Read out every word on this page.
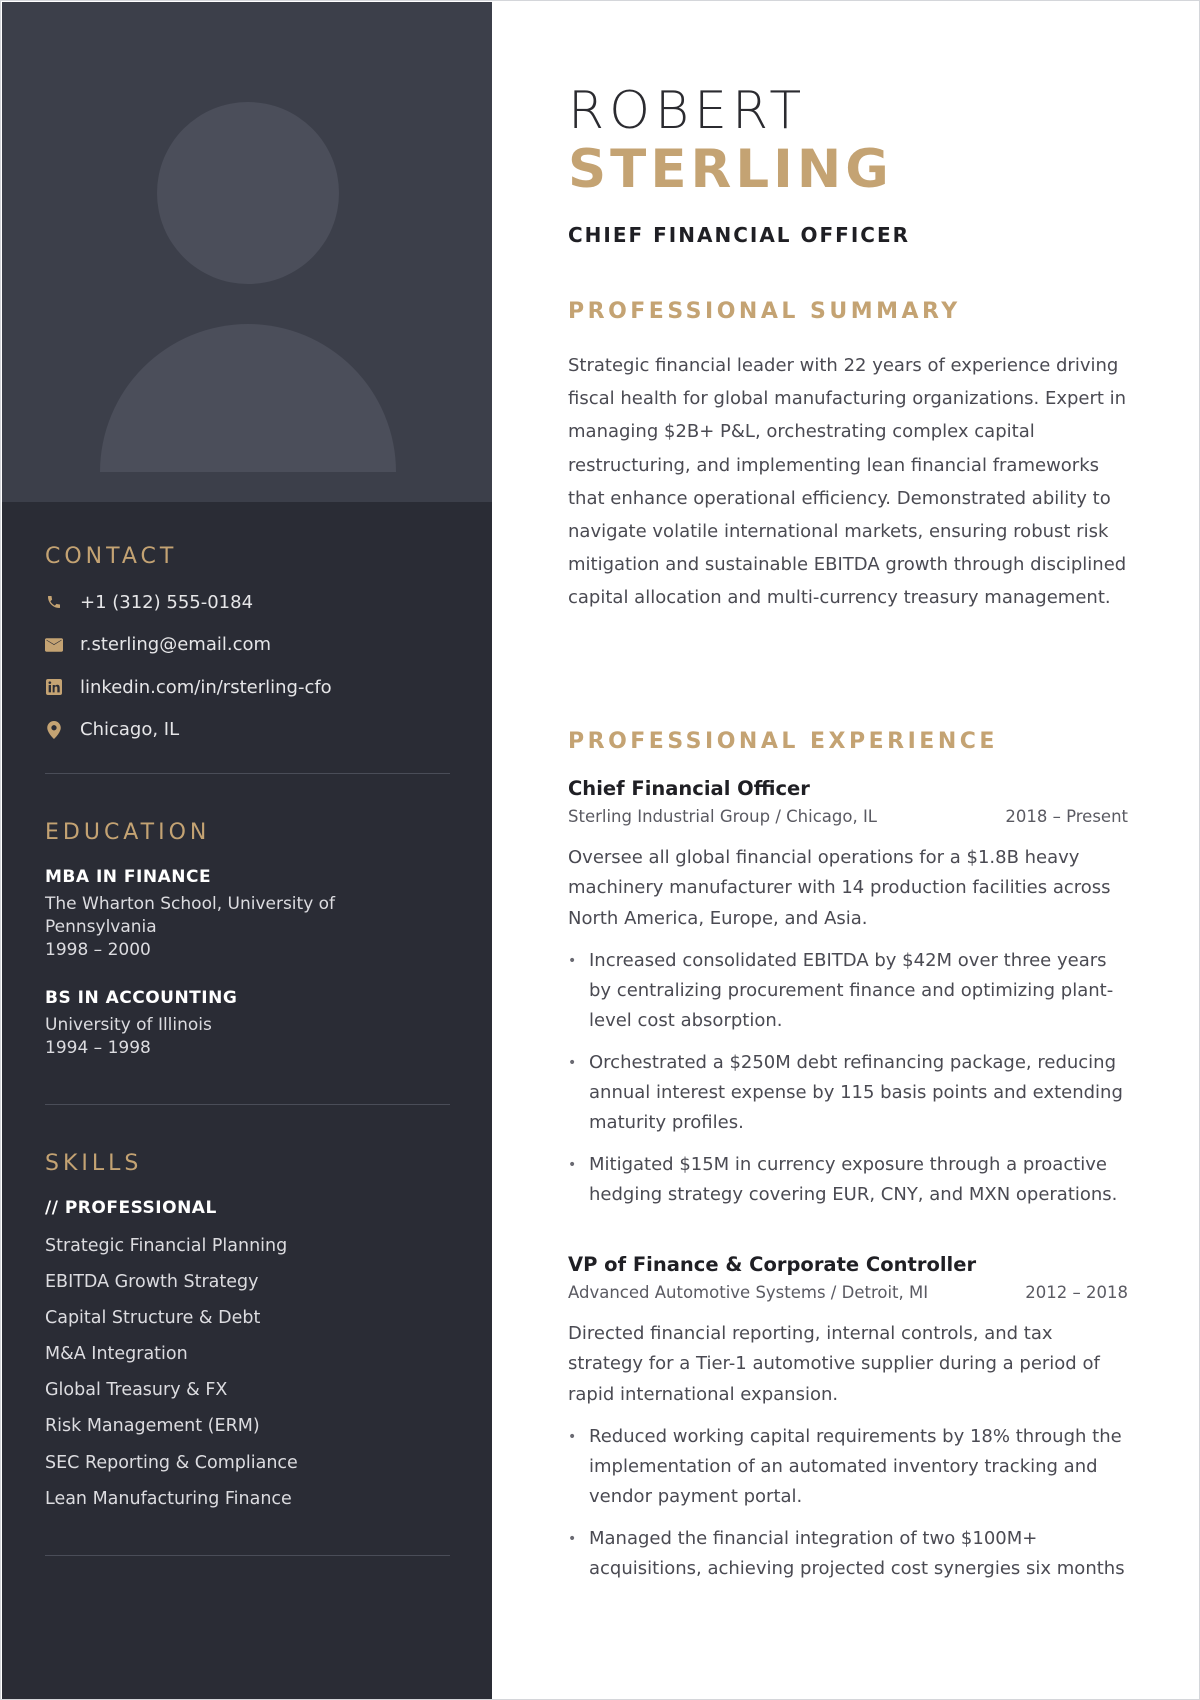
CONTACT
+1 (312) 555-0184
r.sterling@email.com
linkedin.com/in/rsterling-cfo
Chicago, IL
EDUCATION
MBA IN FINANCE
The Wharton School, University of Pennsylvania
1998 – 2000
BS IN ACCOUNTING
University of Illinois
1994 – 1998
SKILLS
// PROFESSIONAL
Strategic Financial Planning
EBITDA Growth Strategy
Capital Structure & Debt
M&A Integration
Global Treasury & FX
Risk Management (ERM)
SEC Reporting & Compliance
Lean Manufacturing Finance
ROBERT
STERLING
CHIEF FINANCIAL OFFICER
PROFESSIONAL SUMMARY

Strategic financial leader with 22 years of experience driving fiscal health for global manufacturing organizations. Expert in managing $2B+ P&L, orchestrating complex capital restructuring, and implementing lean financial frameworks that enhance operational efficiency. Demonstrated ability to navigate volatile international markets, ensuring robust risk mitigation and sustainable EBITDA growth through disciplined capital allocation and multi-currency treasury management.

PROFESSIONAL EXPERIENCE
Chief Financial Officer
Sterling Industrial Group / Chicago, IL	2018 – Present

Oversee all global financial operations for a $1.8B heavy machinery manufacturer with 14 production facilities across North America, Europe, and Asia.

• Increased consolidated EBITDA by $42M over three years by centralizing procurement finance and optimizing plant-level cost absorption.
• Orchestrated a $250M debt refinancing package, reducing annual interest expense by 115 basis points and extending maturity profiles.
• Mitigated $15M in currency exposure through a proactive hedging strategy covering EUR, CNY, and MXN operations.
VP of Finance & Corporate Controller
Advanced Automotive Systems / Detroit, MI	2012 – 2018

Directed financial reporting, internal controls, and tax strategy for a Tier-1 automotive supplier during a period of rapid international expansion.

• Reduced working capital requirements by 18% through the implementation of an automated inventory tracking and vendor payment portal.
• Managed the financial integration of two $100M+ acquisitions, achieving projected cost synergies six months
